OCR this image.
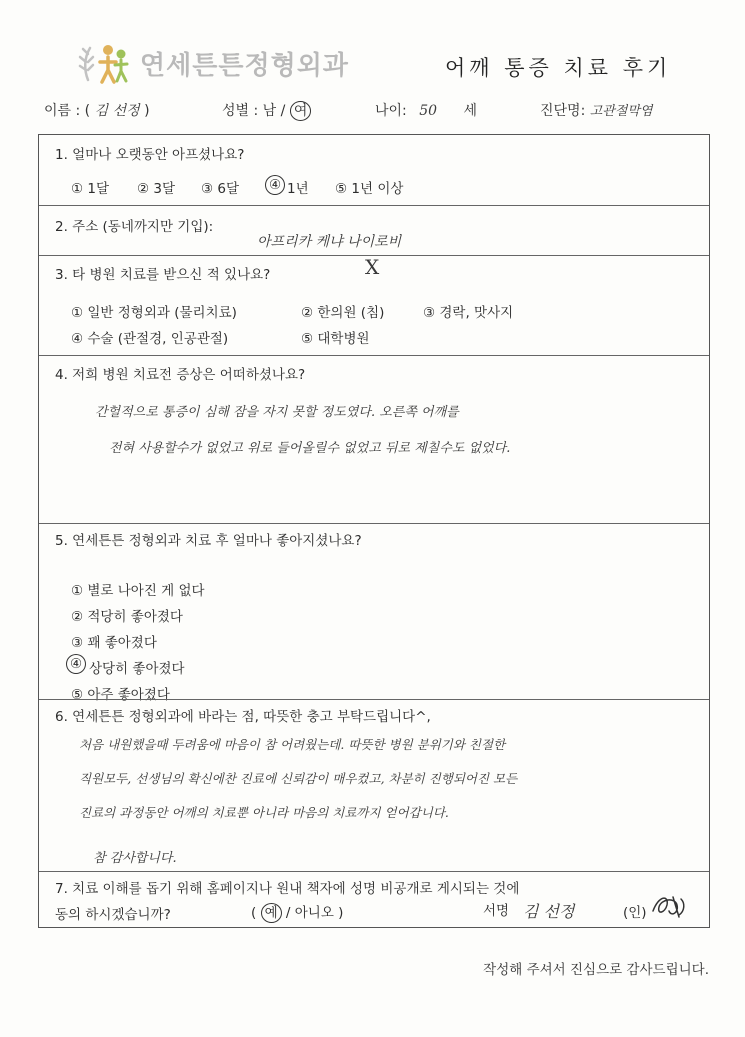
연세튼튼정형외과	어깨 통증 치료 후기
이름 : ( 김 선정 )	성별 : 남 / 여	나이: 50 세	진단명: 고관절막염
1. 얼마나 오랫동안 아프셨나요?
① 1달 ② 3달 ③ 6달 ④ 1년 ⑤ 1년 이상
2. 주소 (동네까지만 기입):
아프리카 케냐 나이로비
3. 타 병원 치료를 받으신 적 있나요?	X
① 일반 정형외과 (물리치료)	② 한의원 (침)	③ 경락, 맛사지
④ 수술 (관절경, 인공관절)	⑤ 대학병원
4. 저희 병원 치료전 증상은 어떠하셨나요?
간헐적으로 통증이 심해 잠을 자지 못할 정도였다. 오른쪽 어깨를
전혀 사용할수가 없었고 위로 들어올릴수 없었고 뒤로 제칠수도 없었다.
5. 연세튼튼 정형외과 치료 후 얼마나 좋아지셨나요?
① 별로 나아진 게 없다
② 적당히 좋아졌다
③ 꽤 좋아졌다
④ 상당히 좋아졌다
⑤ 아주 좋아졌다
6. 연세튼튼 정형외과에 바라는 점, 따뜻한 충고 부탁드립니다^,
처음 내원했을때 두려움에 마음이 참 어려웠는데. 따뜻한 병원 분위기와 친절한
직원모두, 선생님의 확신에찬 진료에 신뢰감이 매우컸고, 차분히 진행되어진 모든
진료의 과정동안 어깨의 치료뿐 아니라 마음의 치료까지 얻어갑니다.
참 감사합니다.
7. 치료 이해를 돕기 위해 홈페이지나 원내 책자에 성명 비공개로 게시되는 것에
동의 하시겠습니까?	( 예 / 아니오 )	서명 김 선정	(인)
작성해 주셔서 진심으로 감사드립니다.
